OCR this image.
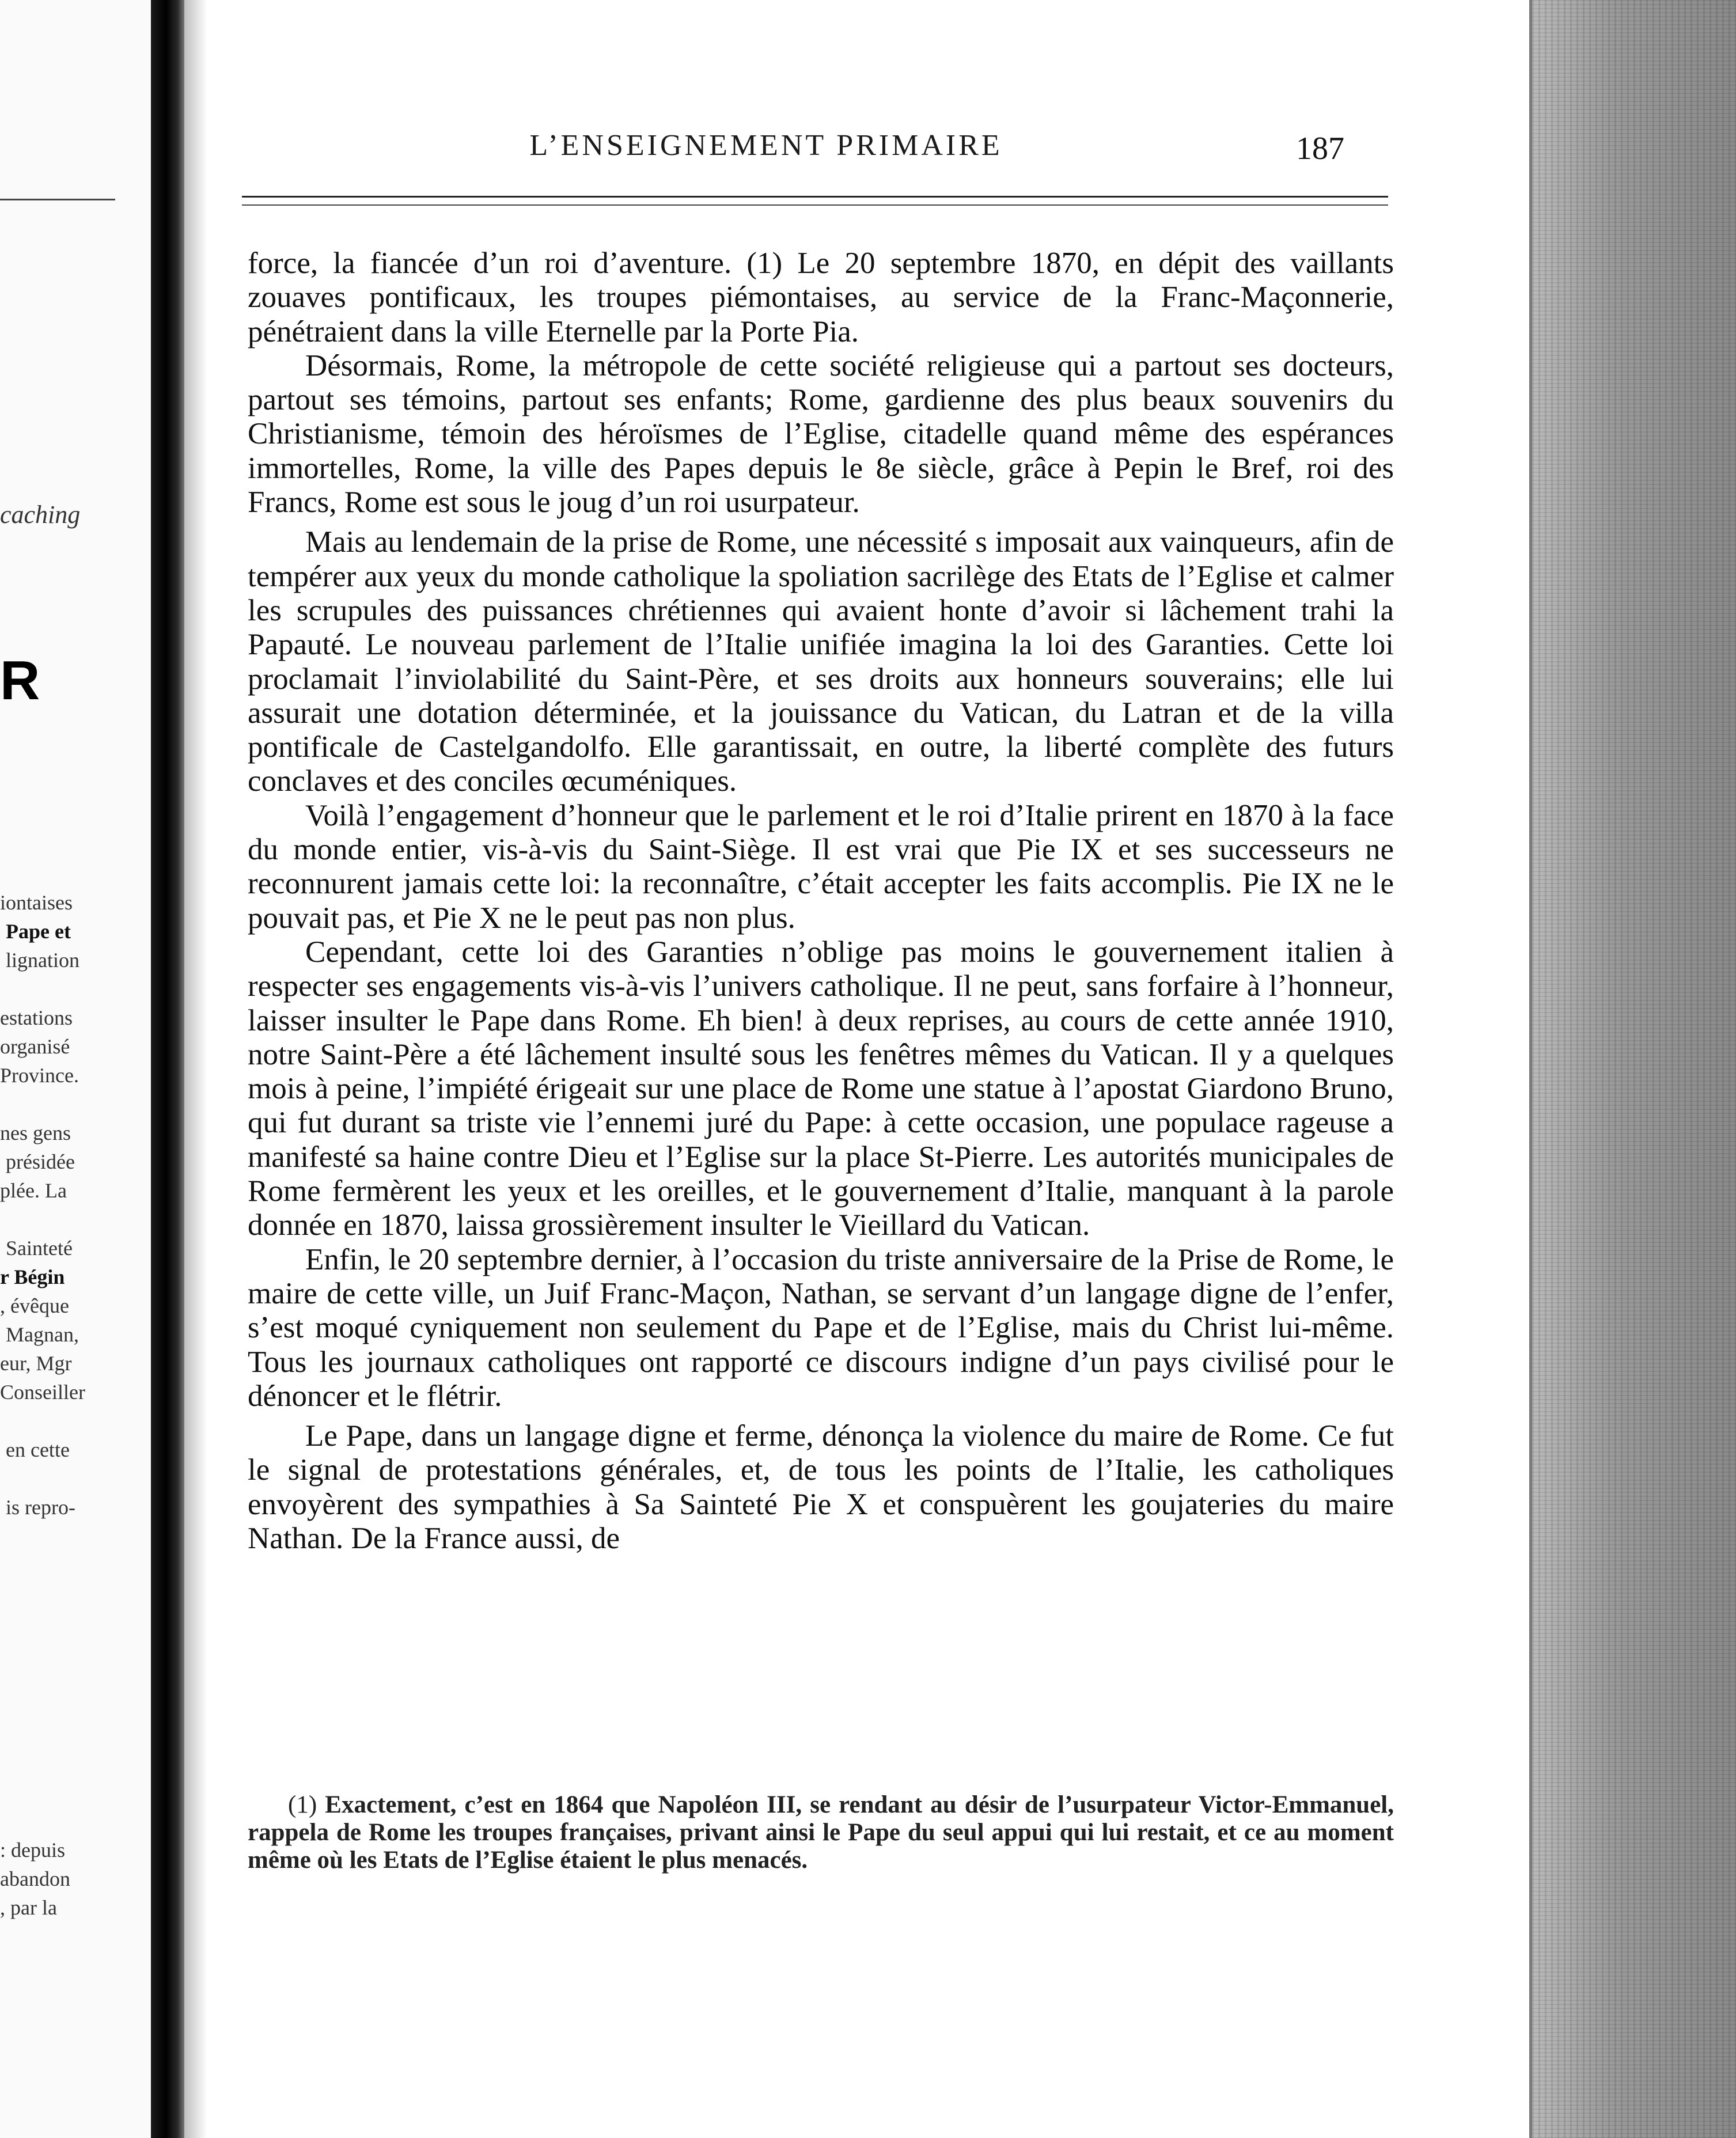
caching
R
iontaises
Pape et
lignation
estations
organisé
Province.
nes gens
présidée
plée. La
Sainteté
r Bégin
, évêque
Magnan,
eur, Mgr
Conseiller
en cette
is repro-
: depuis
abandon
, par la
L’ENSEIGNEMENT PRIMAIRE	187

force, la fiancée d’un roi d’aventure. (1) Le 20 septembre 1870, en dépit des vaillants zouaves pontificaux, les troupes piémontaises, au service de la Franc-Maçonnerie, pénétraient dans la ville Eternelle par la Porte Pia.

Désormais, Rome, la métropole de cette société religieuse qui a partout ses docteurs, partout ses témoins, partout ses enfants; Rome, gardienne des plus beaux souvenirs du Christianisme, témoin des héroïsmes de l’Eglise, citadelle quand même des espérances immortelles, Rome, la ville des Papes depuis le 8e siècle, grâce à Pepin le Bref, roi des Francs, Rome est sous le joug d’un roi usurpateur.

Mais au lendemain de la prise de Rome, une nécessité s imposait aux vainqueurs, afin de tempérer aux yeux du monde catholique la spoliation sacrilège des Etats de l’Eglise et calmer les scrupules des puissances chrétiennes qui avaient honte d’avoir si lâchement trahi la Papauté. Le nouveau parlement de l’Italie unifiée imagina la loi des Garanties. Cette loi proclamait l’inviolabilité du Saint-Père, et ses droits aux honneurs souverains; elle lui assurait une dotation déterminée, et la jouissance du Vatican, du Latran et de la villa pontificale de Castelgandolfo. Elle garantissait, en outre, la liberté complète des futurs conclaves et des conciles œcuméniques.

Voilà l’engagement d’honneur que le parlement et le roi d’Italie prirent en 1870 à la face du monde entier, vis-à-vis du Saint-Siège. Il est vrai que Pie IX et ses successeurs ne reconnurent jamais cette loi: la reconnaître, c’était accepter les faits accomplis. Pie IX ne le pouvait pas, et Pie X ne le peut pas non plus.

Cependant, cette loi des Garanties n’oblige pas moins le gouvernement italien à respecter ses engagements vis-à-vis l’univers catholique. Il ne peut, sans forfaire à l’honneur, laisser insulter le Pape dans Rome. Eh bien! à deux reprises, au cours de cette année 1910, notre Saint-Père a été lâchement insulté sous les fenêtres mêmes du Vatican. Il y a quelques mois à peine, l’impiété érigeait sur une place de Rome une statue à l’apostat Giardono Bruno, qui fut durant sa triste vie l’ennemi juré du Pape: à cette occasion, une populace rageuse a manifesté sa haine contre Dieu et l’Eglise sur la place St-Pierre. Les autorités municipales de Rome fermèrent les yeux et les oreilles, et le gouvernement d’Italie, manquant à la parole donnée en 1870, laissa grossièrement insulter le Vieillard du Vatican.

Enfin, le 20 septembre dernier, à l’occasion du triste anniversaire de la Prise de Rome, le maire de cette ville, un Juif Franc-Maçon, Nathan, se servant d’un langage digne de l’enfer, s’est moqué cyniquement non seulement du Pape et de l’Eglise, mais du Christ lui-même. Tous les journaux catholiques ont rapporté ce discours indigne d’un pays civilisé pour le dénoncer et le flétrir.

Le Pape, dans un langage digne et ferme, dénonça la violence du maire de Rome. Ce fut le signal de protestations générales, et, de tous les points de l’Italie, les catholiques envoyèrent des sympathies à Sa Sainteté Pie X et conspuèrent les goujateries du maire Nathan. De la France aussi, de

(1) Exactement, c’est en 1864 que Napoléon III, se rendant au désir de l’usurpateur Victor-Emmanuel, rappela de Rome les troupes françaises, privant ainsi le Pape du seul appui qui lui restait, et ce au moment même où les Etats de l’Eglise étaient le plus menacés.
